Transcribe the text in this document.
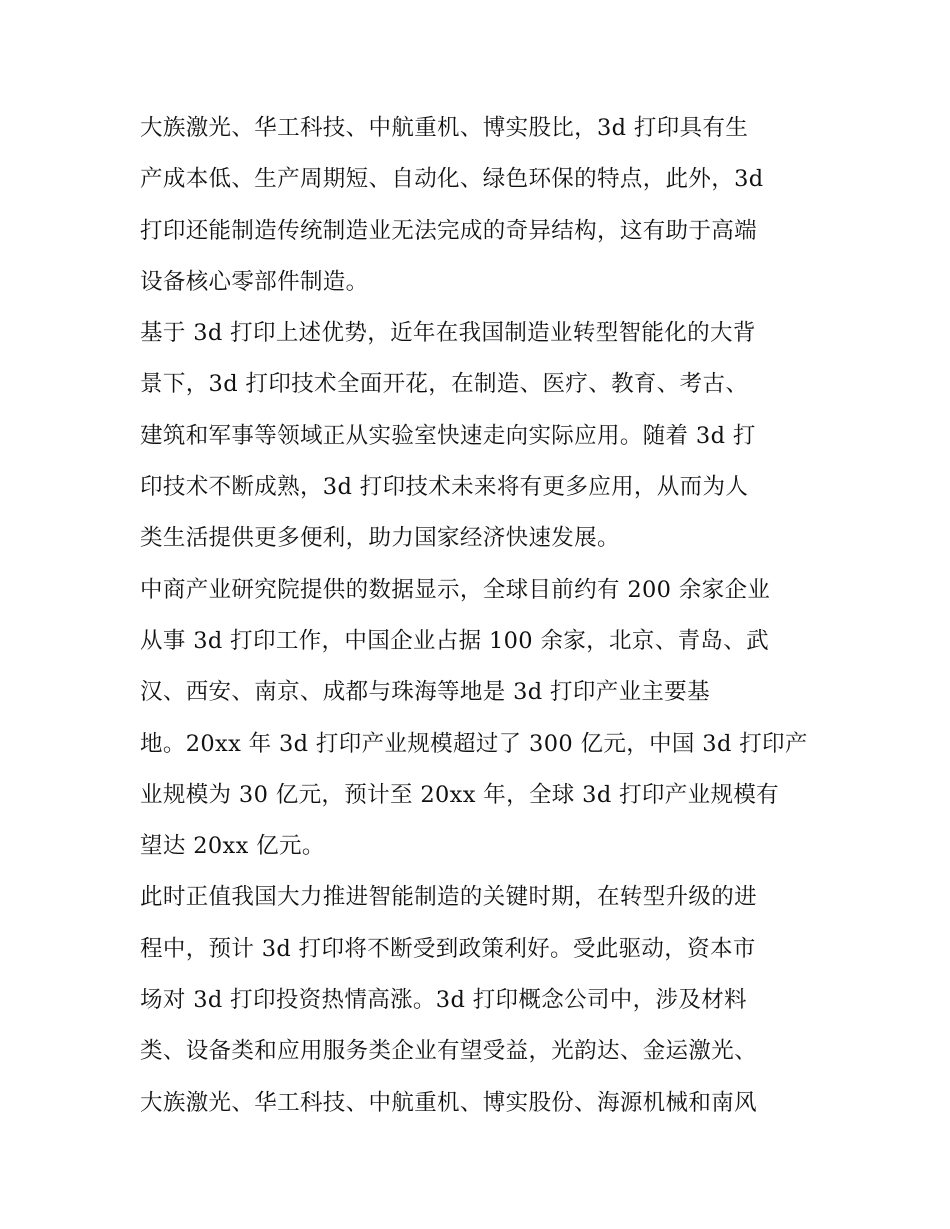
大族激光、华工科技、中航重机、博实股比，3d 打印具有生
产成本低、生产周期短、自动化、绿色环保的特点，此外，3d
打印还能制造传统制造业无法完成的奇异结构，这有助于高端
设备核心零部件制造。
基于 3d 打印上述优势，近年在我国制造业转型智能化的大背
景下，3d 打印技术全面开花，在制造、医疗、教育、考古、
建筑和军事等领域正从实验室快速走向实际应用。随着 3d 打
印技术不断成熟，3d 打印技术未来将有更多应用，从而为人
类生活提供更多便利，助力国家经济快速发展。
中商产业研究院提供的数据显示，全球目前约有 200 余家企业
从事 3d 打印工作，中国企业占据 100 余家，北京、青岛、武
汉、西安、南京、成都与珠海等地是 3d 打印产业主要基
地。20xx 年 3d 打印产业规模超过了 300 亿元，中国 3d 打印产
业规模为 30 亿元，预计至 20xx 年，全球 3d 打印产业规模有
望达 20xx 亿元。
此时正值我国大力推进智能制造的关键时期，在转型升级的进
程中，预计 3d 打印将不断受到政策利好。受此驱动，资本市
场对 3d 打印投资热情高涨。3d 打印概念公司中，涉及材料
类、设备类和应用服务类企业有望受益，光韵达、金运激光、
大族激光、华工科技、中航重机、博实股份、海源机械和南风
